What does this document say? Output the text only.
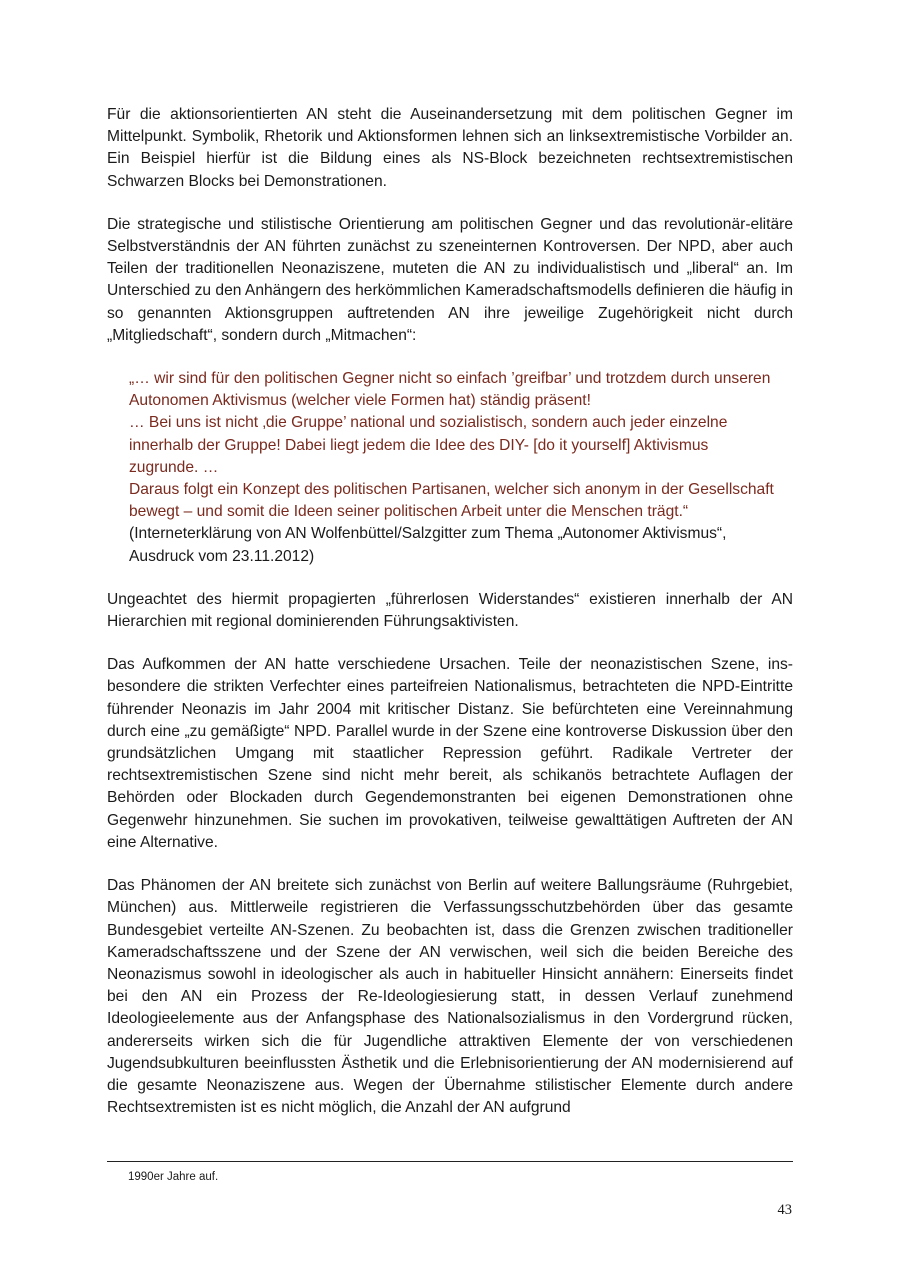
Für die aktionsorientierten AN steht die Auseinandersetzung mit dem politischen Gegner im Mittelpunkt. Symbolik, Rhetorik und Aktionsformen lehnen sich an linksextremistische Vorbilder an. Ein Beispiel hierfür ist die Bildung eines als NS-Block bezeichneten rechtsextremistischen Schwarzen Blocks bei Demonstrationen.

Die strategische und stilistische Orientierung am politischen Gegner und das revolutionär-elitäre Selbstverständnis der AN führten zunächst zu szeneinternen Kontroversen. Der NPD, aber auch Teilen der traditionellen Neonaziszene, muteten die AN zu individualistisch und „liberal“ an. Im Unterschied zu den Anhängern des herkömmlichen Kameradschaftsmodells definieren die häufig in so genannten Aktionsgruppen auftretenden AN ihre jeweilige Zugehörigkeit nicht durch „Mitgliedschaft“, sondern durch „Mitmachen“:

„… wir sind für den politischen Gegner nicht so einfach ’greifbar’ und trotzdem durch unseren Autonomen Aktivismus (welcher viele Formen hat) ständig präsent!

… Bei uns ist nicht ‚die Gruppe’ national und sozialistisch, sondern auch jeder einzelne innerhalb der Gruppe! Dabei liegt jedem die Idee des DIY- [do it yourself] Aktivismus zugrunde. …

Daraus folgt ein Konzept des politischen Partisanen, welcher sich anonym in der Gesellschaft bewegt – und somit die Ideen seiner politischen Arbeit unter die Menschen trägt.“

(Interneterklärung von AN Wolfenbüttel/Salzgitter zum Thema „Autonomer Aktivismus“, Ausdruck vom 23.11.2012)

Ungeachtet des hiermit propagierten „führerlosen Widerstandes“ existieren innerhalb der AN Hierarchien mit regional dominierenden Führungsaktivisten.

Das Aufkommen der AN hatte verschiedene Ursachen. Teile der neonazistischen Szene, insbesondere die strikten Verfechter eines parteifreien Nationalismus, betrachteten die NPD-Eintritte führender Neonazis im Jahr 2004 mit kritischer Distanz. Sie befürchteten eine Vereinnahmung durch eine „zu gemäßigte“ NPD. Parallel wurde in der Szene eine kontroverse Diskussion über den grundsätzlichen Umgang mit staatlicher Repression geführt. Radikale Vertreter der rechtsextremistischen Szene sind nicht mehr bereit, als schikanös betrachtete Auflagen der Behörden oder Blockaden durch Gegendemonstranten bei eigenen Demonstrationen ohne Gegenwehr hinzunehmen. Sie suchen im provokativen, teilweise gewalttätigen Auftreten der AN eine Alternative.

Das Phänomen der AN breitete sich zunächst von Berlin auf weitere Ballungsräume (Ruhrgebiet, München) aus. Mittlerweile registrieren die Verfassungsschutzbehörden über das gesamte Bundesgebiet verteilte AN-Szenen. Zu beobachten ist, dass die Grenzen zwischen traditioneller Kameradschaftsszene und der Szene der AN verwischen, weil sich die beiden Bereiche des Neonazismus sowohl in ideologischer als auch in habitueller Hinsicht annähern: Einerseits findet bei den AN ein Prozess der Re-Ideologiesierung statt, in dessen Verlauf zunehmend Ideologieelemente aus der Anfangsphase des Nationalsozialismus in den Vordergrund rücken, andererseits wirken sich die für Jugendliche attraktiven Elemente der von verschiedenen Jugendsubkulturen beeinflussten Ästhetik und die Erlebnisorientierung der AN modernisierend auf die gesamte Neonaziszene aus. Wegen der Übernahme stilistischer Elemente durch andere Rechtsextremisten ist es nicht möglich, die Anzahl der AN aufgrund

1990er Jahre auf.
43
